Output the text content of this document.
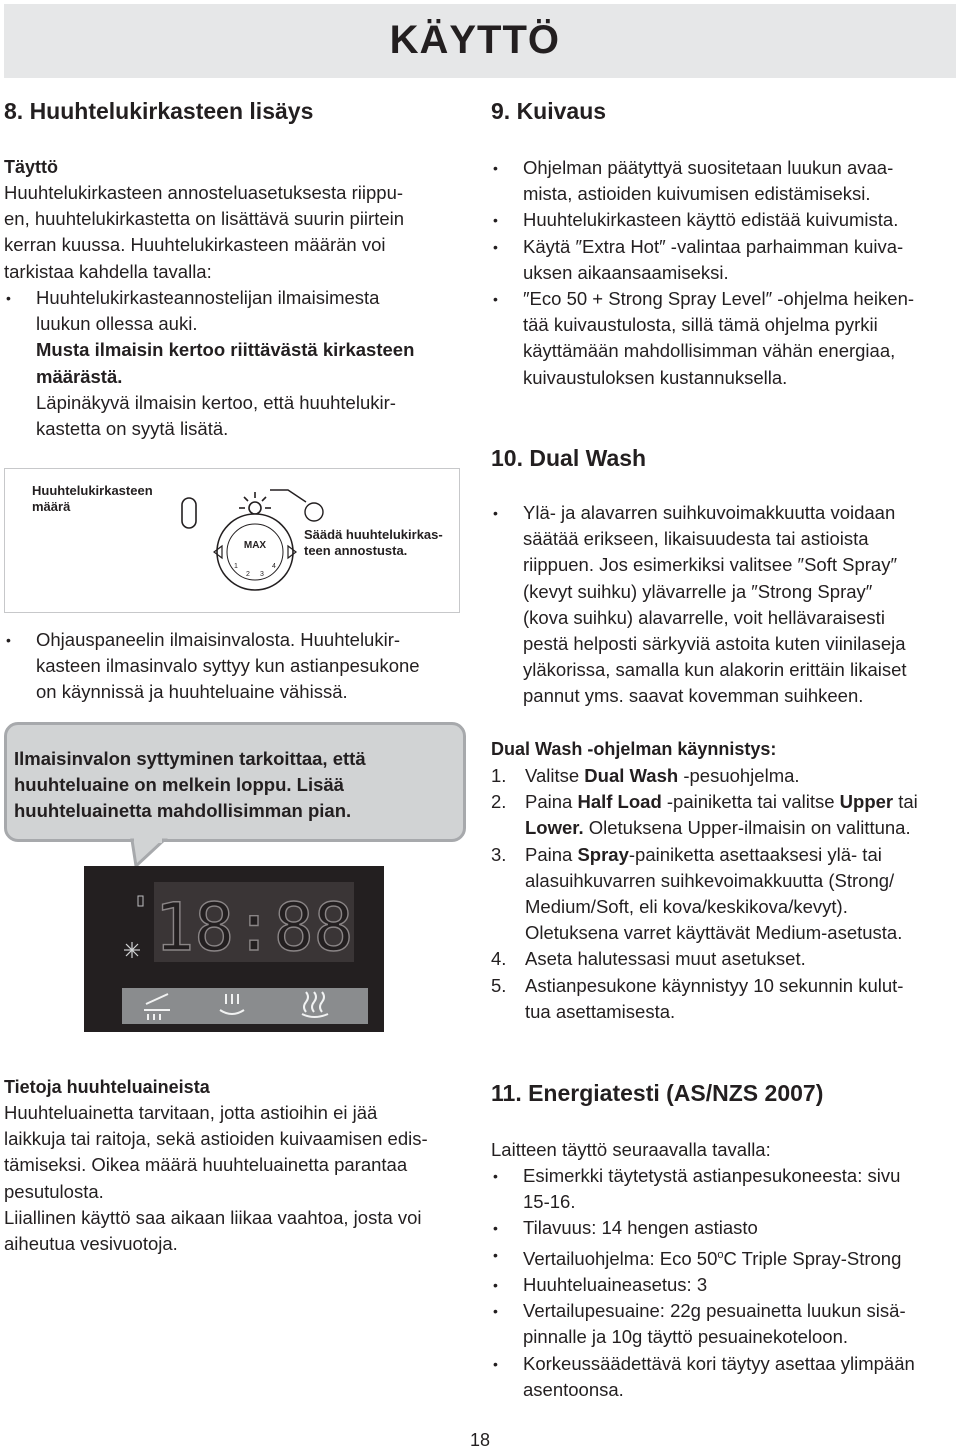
KÄYTTÖ
8. Huuhtelukirkasteen lisäys
Täyttö
Huuhtelukirkasteen annosteluasetuksesta riippu-
en, huuhtelukirkastetta on lisättävä suurin piirtein
kerran kuussa. Huuhtelukirkasteen määrän voi
tarkistaa kahdella tavalla:
• Huuhtelukirkasteannostelijan ilmaisimesta
luukun ollessa auki.
Musta ilmaisin kertoo riittävästä kirkasteen
määrästä.
Läpinäkyvä ilmaisin kertoo, että huuhtelukir-
kastetta on syytä lisätä.
Huuhtelukirkasteen
määrä
Säädä huuhtelukirkas-
teen annostusta.
MAX
1
2 3
4
• Ohjauspaneelin ilmaisinvalosta. Huuhtelukir-
kasteen ilmasinvalo syttyy kun astianpesukone
on käynnissä ja huuhteluaine vähissä.
Ilmaisinvalon syttyminen tarkoittaa, että
huuhteluaine on melkein loppu. Lisää
huuhteluainetta mahdollisimman pian.
18:88
Tietoja huuhteluaineista
Huuhteluainetta tarvitaan, jotta astioihin ei jää
laikkuja tai raitoja, sekä astioiden kuivaamisen edis-
tämiseksi. Oikea määrä huuhteluainetta parantaa
pesutulosta.
Liiallinen käyttö saa aikaan liikaa vaahtoa, josta voi
aiheutua vesivuotoja.
9. Kuivaus
• Ohjelman päätyttyä suositetaan luukun avaa-
mista, astioiden kuivumisen edistämiseksi.
• Huuhtelukirkasteen käyttö edistää kuivumista.
• Käytä ″Extra Hot″ -valintaa parhaimman kuiva-
uksen aikaansaamiseksi.
• ″Eco 50 + Strong Spray Level″ -ohjelma heiken-
tää kuivaustulosta, sillä tämä ohjelma pyrkii
käyttämään mahdollisimman vähän energiaa,
kuivaustuloksen kustannuksella.
10. Dual Wash
• Ylä- ja alavarren suihkuvoimakkuutta voidaan
säätää erikseen, likaisuudesta tai astioista
riippuen. Jos esimerkiksi valitsee ″Soft Spray″
(kevyt suihku) ylävarrelle ja ″Strong Spray″
(kova suihku) alavarrelle, voit hellävaraisesti
pestä helposti särkyviä astoita kuten viinilaseja
yläkorissa, samalla kun alakorin erittäin likaiset
pannut yms. saavat kovemman suihkeen.
Dual Wash -ohjelman käynnistys:
1. Valitse Dual Wash -pesuohjelma.
2. Paina Half Load -painiketta tai valitse Upper tai
Lower. Oletuksena Upper-ilmaisin on valittuna.
3. Paina Spray-painiketta asettaaksesi ylä- tai
alasuihkuvarren suihkevoimakkuutta (Strong/
Medium/Soft, eli kova/keskikova/kevyt).
Oletuksena varret käyttävät Medium-asetusta.
4. Aseta halutessasi muut asetukset.
5. Astianpesukone käynnistyy 10 sekunnin kulut-
tua asettamisesta.
11. Energiatesti (AS/NZS 2007)
Laitteen täyttö seuraavalla tavalla:
• Esimerkki täytetystä astianpesukoneesta: sivu
15-16.
• Tilavuus: 14 hengen astiasto
• Vertailuohjelma: Eco 50$^o$C Triple Spray-Strong
• Huuhteluaineasetus: 3
• Vertailupesuaine: 22g pesuainetta luukun sisä-
pinnalle ja 10g täyttö pesuainekoteloon.
• Korkeussäädettävä kori täytyy asettaa ylimpään
asentoonsa.
18
